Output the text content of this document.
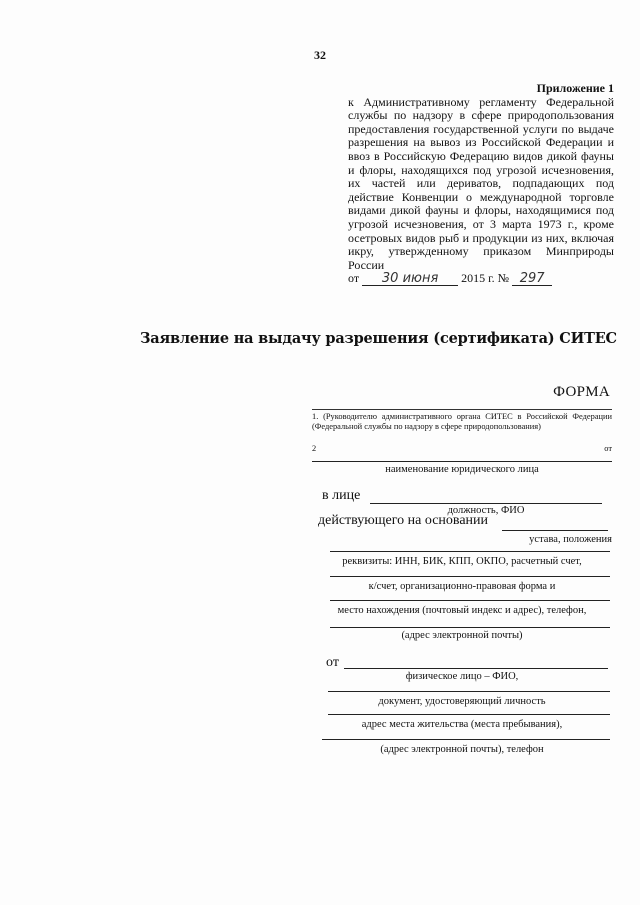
32
Приложение 1
к Административному регламенту Федеральной службы по надзору в сфере природопользования предоставления государственной услуги по выдаче разрешения на вывоз из Российской Федерации и ввоз в Российскую Федерацию видов дикой фауны и флоры, находящихся под угрозой исчезновения, их частей или дериватов, подпадающих под действие Конвенции о международной торговле видами дикой фауны и флоры, находящимися под угрозой исчезновения, от 3 марта 1973 г., кроме осетровых видов рыб и продукции из них, включая икру, утвержденному приказом Минприроды России
от 30 июня 2015 г. № 297
Заявление на выдачу разрешения (сертификата) СИТЕС
ФОРМА
1. (Руководителю административного органа СИТЕС в Российской Федерации (Федеральной службы по надзору в сфере природопользования)
2	от
наименование юридического лица
в лице
должность, ФИО
действующего на основании
устава, положения
реквизиты: ИНН, БИК, КПП, ОКПО, расчетный счет,
к/счет, организационно-правовая форма и
место нахождения (почтовый индекс и адрес), телефон,
(адрес электронной почты)
от
физическое лицо – ФИО,
документ, удостоверяющий личность
адрес места жительства (места пребывания),
(адрес электронной почты), телефон
